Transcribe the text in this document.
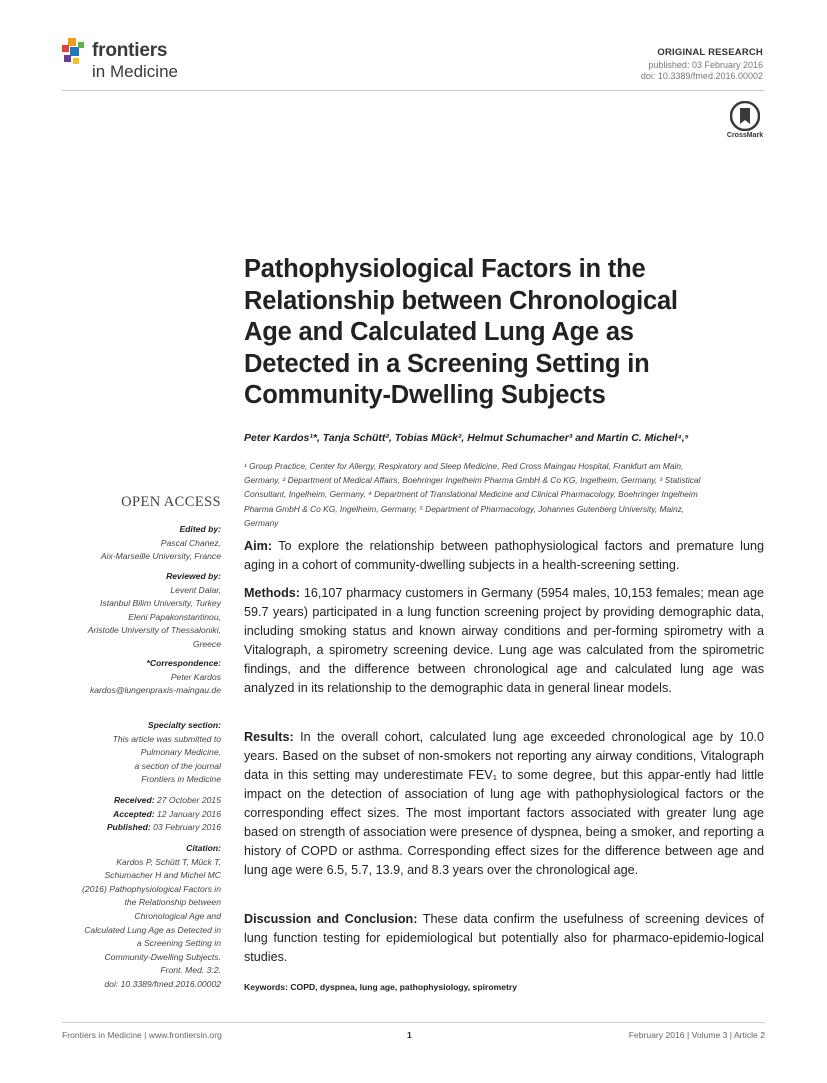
frontiers
in Medicine
ORIGINAL RESEARCH
published: 03 February 2016
doi: 10.3389/fmed.2016.00002
CrossMark
Pathophysiological Factors in the
Relationship between Chronological
Age and Calculated Lung Age as
Detected in a Screening Setting in
Community-Dwelling Subjects
Peter Kardos¹*, Tanja Schütt², Tobias Mück², Helmut Schumacher³ and Martin C. Michel⁴,⁵
¹ Group Practice, Center for Allergy, Respiratory and Sleep Medicine, Red Cross Maingau Hospital, Frankfurt am Main,
Germany, ² Department of Medical Affairs, Boehringer Ingelheim Pharma GmbH & Co KG, Ingelheim, Germany, ³ Statistical
Consultant, Ingelheim, Germany, ⁴ Department of Translational Medicine and Clinical Pharmacology, Boehringer Ingelheim
Pharma GmbH & Co KG, Ingelheim, Germany, ⁵ Department of Pharmacology, Johannes Gutenberg University, Mainz,
Germany
OPEN ACCESS
Edited by:
Pascal Chanez,
Aix-Marseille University, France
Reviewed by:
Levent Dalar,
Istanbul Bilim University, Turkey
Eleni Papakonstantinou,
Aristotle University of Thessaloniki,
Greece
*Correspondence:
Peter Kardos
kardos@lungenpraxis-maingau.de
Specialty section:
This article was submitted to
Pulmonary Medicine,
a section of the journal
Frontiers in Medicine
Received: 27 October 2015
Accepted: 12 January 2016
Published: 03 February 2016
Citation:
Kardos P, Schütt T, Mück T,
Schumacher H and Michel MC
(2016) Pathophysiological Factors in
the Relationship between
Chronological Age and
Calculated Lung Age as Detected in
a Screening Setting in
Community-Dwelling Subjects.
Front. Med. 3:2.
doi: 10.3389/fmed.2016.00002
Aim: To explore the relationship between pathophysiological factors and premature lung aging in a cohort of community-dwelling subjects in a health-screening setting.
Methods: 16,107 pharmacy customers in Germany (5954 males, 10,153 females; mean age 59.7 years) participated in a lung function screening project by providing demographic data, including smoking status and known airway conditions and per-forming spirometry with a Vitalograph, a spirometry screening device. Lung age was calculated from the spirometric findings, and the difference between chronological age and calculated lung age was analyzed in its relationship to the demographic data in general linear models.
Results: In the overall cohort, calculated lung age exceeded chronological age by 10.0 years. Based on the subset of non-smokers not reporting any airway conditions, Vitalograph data in this setting may underestimate FEV₁ to some degree, but this appar-ently had little impact on the detection of association of lung age with pathophysiological factors or the corresponding effect sizes. The most important factors associated with greater lung age based on strength of association were presence of dyspnea, being a smoker, and reporting a history of COPD or asthma. Corresponding effect sizes for the difference between age and lung age were 6.5, 5.7, 13.9, and 8.3 years over the chronological age.
Discussion and Conclusion: These data confirm the usefulness of screening devices of lung function testing for epidemiological but potentially also for pharmaco-epidemio-logical studies.
Keywords: COPD, dyspnea, lung age, pathophysiology, spirometry
Frontiers in Medicine | www.frontiersin.org	1	February 2016 | Volume 3 | Article 2
